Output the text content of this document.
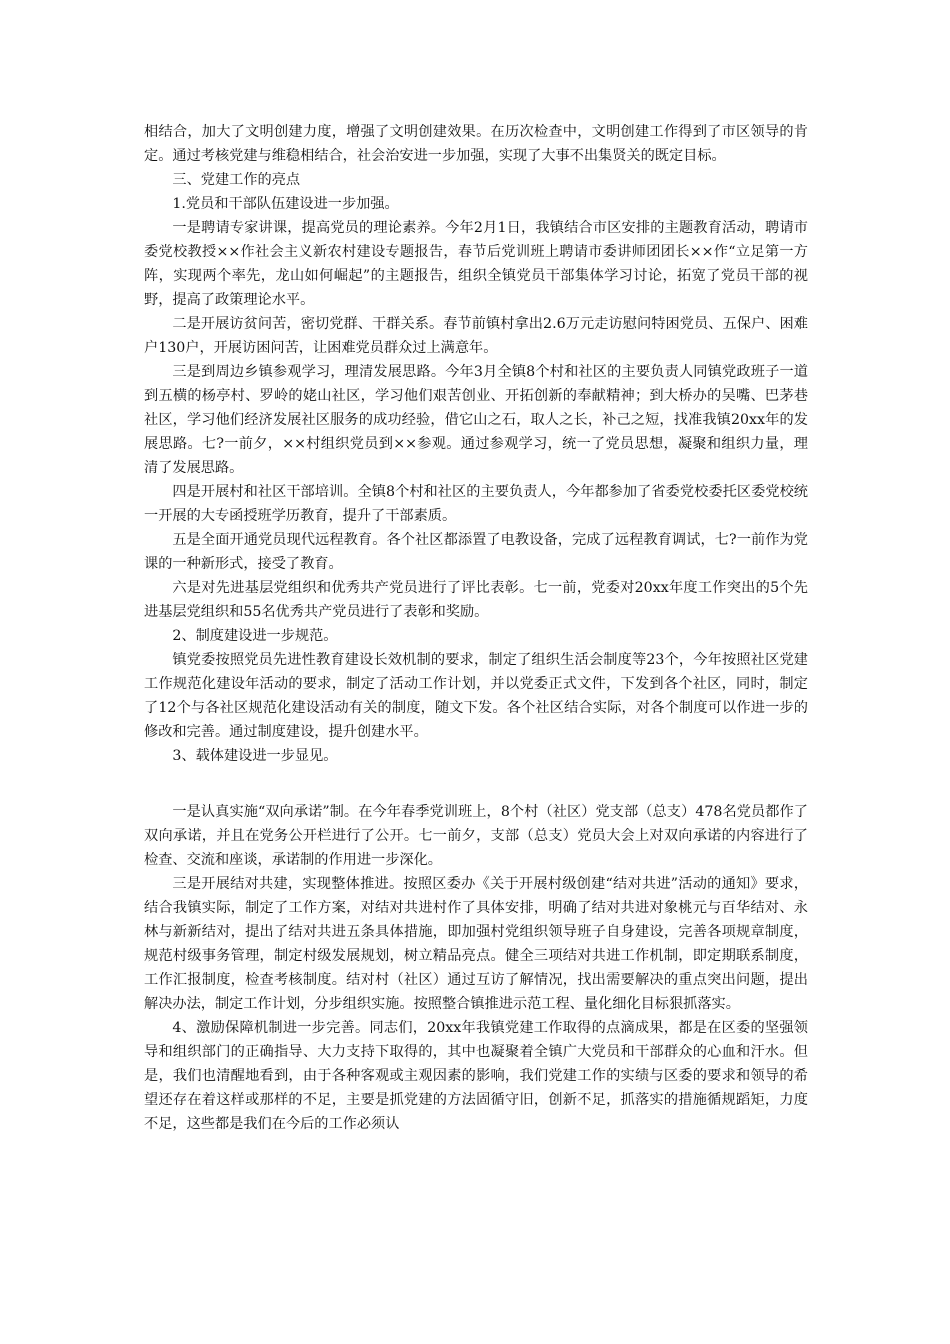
相结合，加大了文明创建力度，增强了文明创建效果。在历次检查中，文明创建工作得到了市区领导的肯定。通过考核党建与维稳相结合，社会治安进一步加强，实现了大事不出集贤关的既定目标。

三、党建工作的亮点

1.党员和干部队伍建设进一步加强。

一是聘请专家讲课，提高党员的理论素养。今年2月1日，我镇结合市区安排的主题教育活动，聘请市委党校教授××作社会主义新农村建设专题报告，春节后党训班上聘请市委讲师团团长××作“立足第一方阵，实现两个率先，龙山如何崛起”的主题报告，组织全镇党员干部集体学习讨论，拓宽了党员干部的视野，提高了政策理论水平。

二是开展访贫问苦，密切党群、干群关系。春节前镇村拿出2.6万元走访慰问特困党员、五保户、困难户130户，开展访困问苦，让困难党员群众过上满意年。

三是到周边乡镇参观学习，理清发展思路。今年3月全镇8个村和社区的主要负责人同镇党政班子一道到五横的杨亭村、罗岭的姥山社区，学习他们艰苦创业、开拓创新的奉献精神；到大桥办的吴嘴、巴茅巷社区，学习他们经济发展社区服务的成功经验，借它山之石，取人之长，补己之短，找准我镇20xx年的发展思路。七?一前夕，××村组织党员到××参观。通过参观学习，统一了党员思想，凝聚和组织力量，理清了发展思路。

四是开展村和社区干部培训。全镇8个村和社区的主要负责人，今年都参加了省委党校委托区委党校统一开展的大专函授班学历教育，提升了干部素质。

五是全面开通党员现代远程教育。各个社区都添置了电教设备，完成了远程教育调试，七?一前作为党课的一种新形式，接受了教育。

六是对先进基层党组织和优秀共产党员进行了评比表彰。七一前，党委对20xx年度工作突出的5个先进基层党组织和55名优秀共产党员进行了表彰和奖励。

2、制度建设进一步规范。

镇党委按照党员先进性教育建设长效机制的要求，制定了组织生活会制度等23个，今年按照社区党建工作规范化建设年活动的要求，制定了活动工作计划，并以党委正式文件，下发到各个社区，同时，制定了12个与各社区规范化建设活动有关的制度，随文下发。各个社区结合实际，对各个制度可以作进一步的修改和完善。通过制度建设，提升创建水平。

3、载体建设进一步显见。

一是认真实施“双向承诺”制。在今年春季党训班上，8个村（社区）党支部（总支）478名党员都作了双向承诺，并且在党务公开栏进行了公开。七一前夕，支部（总支）党员大会上对双向承诺的内容进行了检查、交流和座谈，承诺制的作用进一步深化。

三是开展结对共建，实现整体推进。按照区委办《关于开展村级创建“结对共进”活动的通知》要求，结合我镇实际，制定了工作方案，对结对共进村作了具体安排，明确了结对共进对象桃元与百华结对、永林与新新结对，提出了结对共进五条具体措施，即加强村党组织领导班子自身建设，完善各项规章制度，规范村级事务管理，制定村级发展规划，树立精品亮点。健全三项结对共进工作机制，即定期联系制度，工作汇报制度，检查考核制度。结对村（社区）通过互访了解情况，找出需要解决的重点突出问题，提出解决办法，制定工作计划，分步组织实施。按照整合镇推进示范工程、量化细化目标狠抓落实。

4、激励保障机制进一步完善。同志们，20xx年我镇党建工作取得的点滴成果，都是在区委的坚强领导和组织部门的正确指导、大力支持下取得的，其中也凝聚着全镇广大党员和干部群众的心血和汗水。但是，我们也清醒地看到，由于各种客观或主观因素的影响，我们党建工作的实绩与区委的要求和领导的希望还存在着这样或那样的不足，主要是抓党建的方法固循守旧，创新不足，抓落实的措施循规蹈矩，力度不足，这些都是我们在今后的工作必须认
